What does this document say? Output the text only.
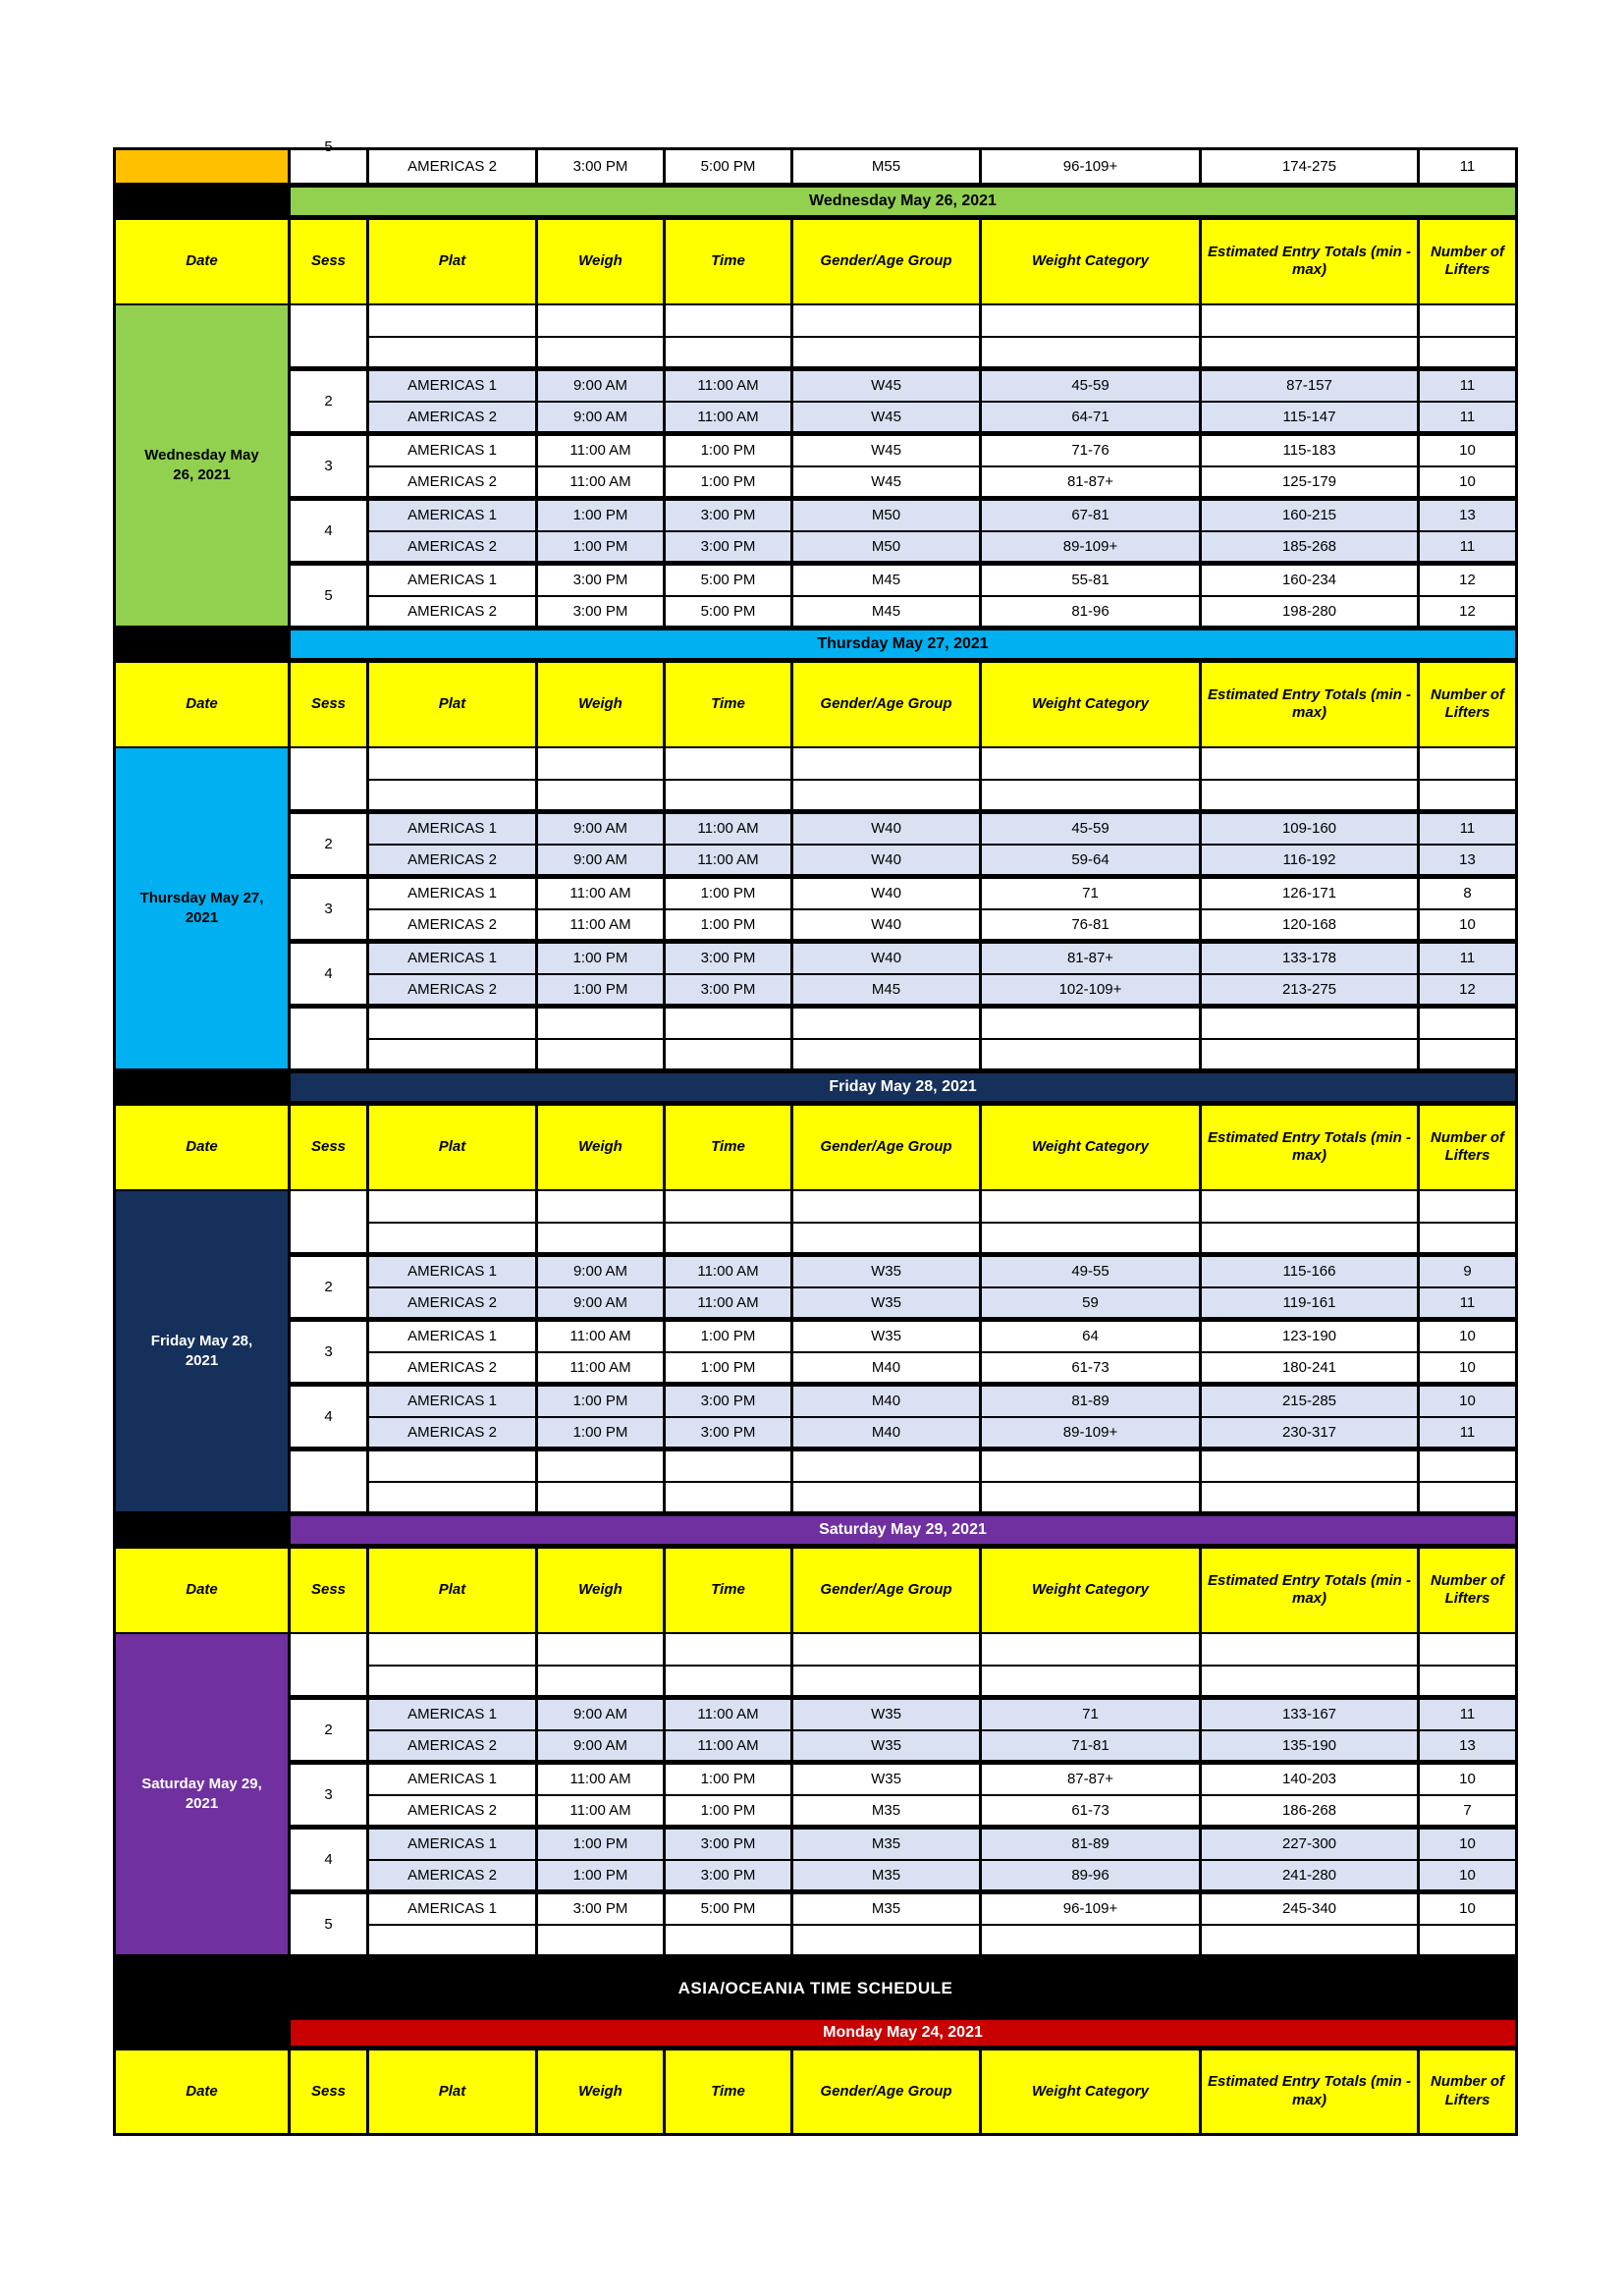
	5	AMERICAS 2	3:00 PM	5:00 PM	M55	96-109+	174-275	11
	Wednesday May 26, 2021							
Date	Sess	Plat	Weigh	Time	Gender/Age Group	Weight Category	Estimated Entry Totals (min - max)	Number of Lifters
Wednesday May 26, 2021								

	2	AMERICAS 1	9:00 AM	11:00 AM	W45	45-59	87-157	11
		AMERICAS 2	9:00 AM	11:00 AM	W45	64-71	115-147	11
	3	AMERICAS 1	11:00 AM	1:00 PM	W45	71-76	115-183	10
		AMERICAS 2	11:00 AM	1:00 PM	W45	81-87+	125-179	10
	4	AMERICAS 1	1:00 PM	3:00 PM	M50	67-81	160-215	13
		AMERICAS 2	1:00 PM	3:00 PM	M50	89-109+	185-268	11
	5	AMERICAS 1	3:00 PM	5:00 PM	M45	55-81	160-234	12
		AMERICAS 2	3:00 PM	5:00 PM	M45	81-96	198-280	12
	Thursday May 27, 2021							
Date	Sess	Plat	Weigh	Time	Gender/Age Group	Weight Category	Estimated Entry Totals (min - max)	Number of Lifters
Thursday May 27, 2021								

	2	AMERICAS 1	9:00 AM	11:00 AM	W40	45-59	109-160	11
		AMERICAS 2	9:00 AM	11:00 AM	W40	59-64	116-192	13
	3	AMERICAS 1	11:00 AM	1:00 PM	W40	71	126-171	8
		AMERICAS 2	11:00 AM	1:00 PM	W40	76-81	120-168	10
	4	AMERICAS 1	1:00 PM	3:00 PM	W40	81-87+	133-178	11
		AMERICAS 2	1:00 PM	3:00 PM	M45	102-109+	213-275	12

	Friday May 28, 2021							
Date	Sess	Plat	Weigh	Time	Gender/Age Group	Weight Category	Estimated Entry Totals (min - max)	Number of Lifters
Friday May 28, 2021								

	2	AMERICAS 1	9:00 AM	11:00 AM	W35	49-55	115-166	9
		AMERICAS 2	9:00 AM	11:00 AM	W35	59	119-161	11
	3	AMERICAS 1	11:00 AM	1:00 PM	W35	64	123-190	10
		AMERICAS 2	11:00 AM	1:00 PM	M40	61-73	180-241	10
	4	AMERICAS 1	1:00 PM	3:00 PM	M40	81-89	215-285	10
		AMERICAS 2	1:00 PM	3:00 PM	M40	89-109+	230-317	11

	Saturday May 29, 2021							
Date	Sess	Plat	Weigh	Time	Gender/Age Group	Weight Category	Estimated Entry Totals (min - max)	Number of Lifters
Saturday May 29, 2021								

	2	AMERICAS 1	9:00 AM	11:00 AM	W35	71	133-167	11
		AMERICAS 2	9:00 AM	11:00 AM	W35	71-81	135-190	13
	3	AMERICAS 1	11:00 AM	1:00 PM	W35	87-87+	140-203	10
		AMERICAS 2	11:00 AM	1:00 PM	M35	61-73	186-268	7
	4	AMERICAS 1	1:00 PM	3:00 PM	M35	81-89	227-300	10
		AMERICAS 2	1:00 PM	3:00 PM	M35	89-96	241-280	10
	5	AMERICAS 1	3:00 PM	5:00 PM	M35	96-109+	245-340	10

ASIA/OCEANIA TIME SCHEDULE								
	Monday May 24, 2021							
Date	Sess	Plat	Weigh	Time	Gender/Age Group	Weight Category	Estimated Entry Totals (min - max)	Number of Lifters
